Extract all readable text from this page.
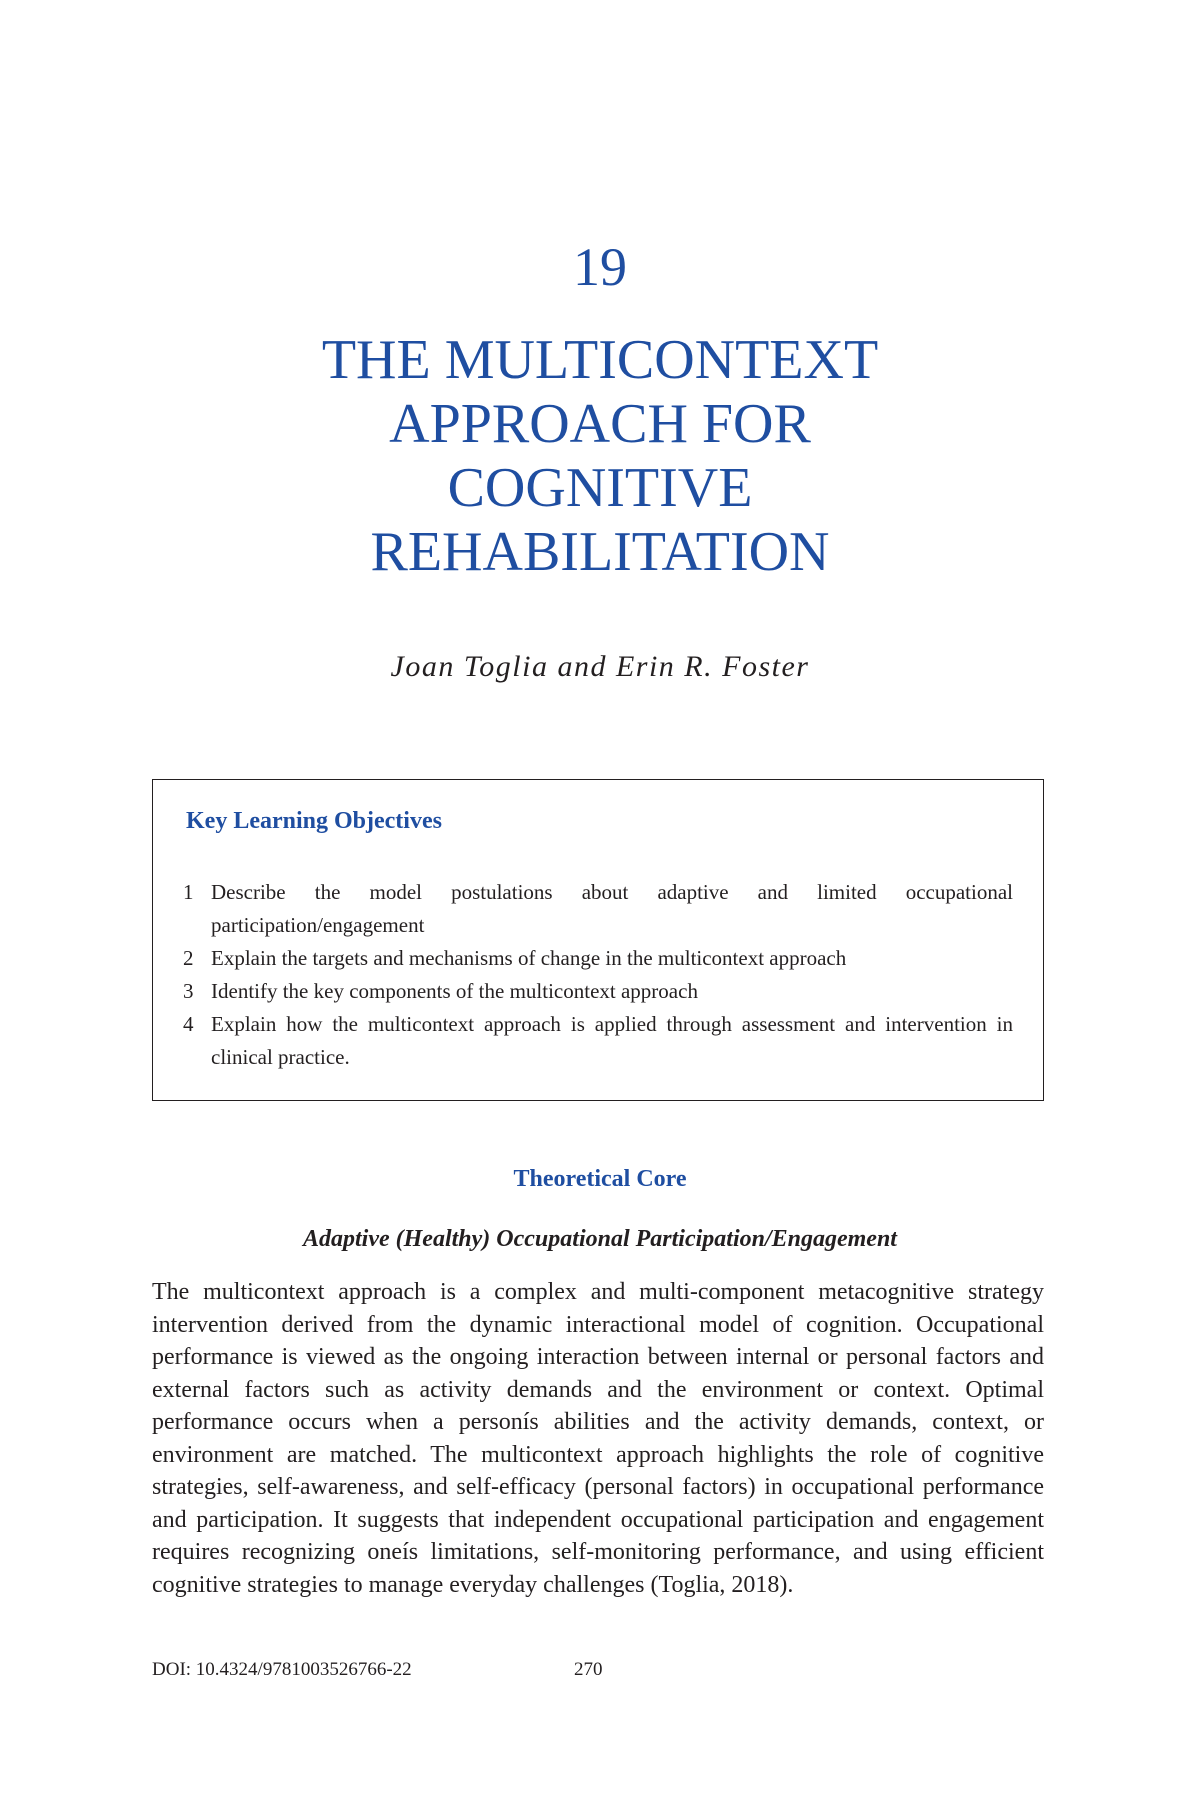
19
THE MULTICONTEXT
APPROACH FOR
COGNITIVE
REHABILITATION
Joan Toglia and Erin R. Foster
Key Learning Objectives
1 Describe the model postulations about adaptive and limited occupational participation/engagement
2 Explain the targets and mechanisms of change in the multicontext approach
3 Identify the key components of the multicontext approach
4 Explain how the multicontext approach is applied through assessment and intervention in clinical practice.
Theoretical Core
Adaptive (Healthy) Occupational Participation/Engagement

The multicontext approach is a complex and multi-component metacognitive strategy intervention derived from the dynamic interactional model of cognition. Occupational performance is viewed as the ongoing interaction between internal or personal factors and external factors such as activity demands and the environment or context. Optimal performance occurs when a personís abilities and the activity demands, context, or environment are matched. The multicontext approach highlights the role of cognitive strategies, self-awareness, and self-efficacy (personal factors) in occupational performance and participation. It suggests that independent occupational participation and engagement requires recognizing oneís limitations, self-monitoring performance, and using efficient cognitive strategies to manage everyday challenges (Toglia, 2018).

DOI: 10.4324/9781003526766-22	270
